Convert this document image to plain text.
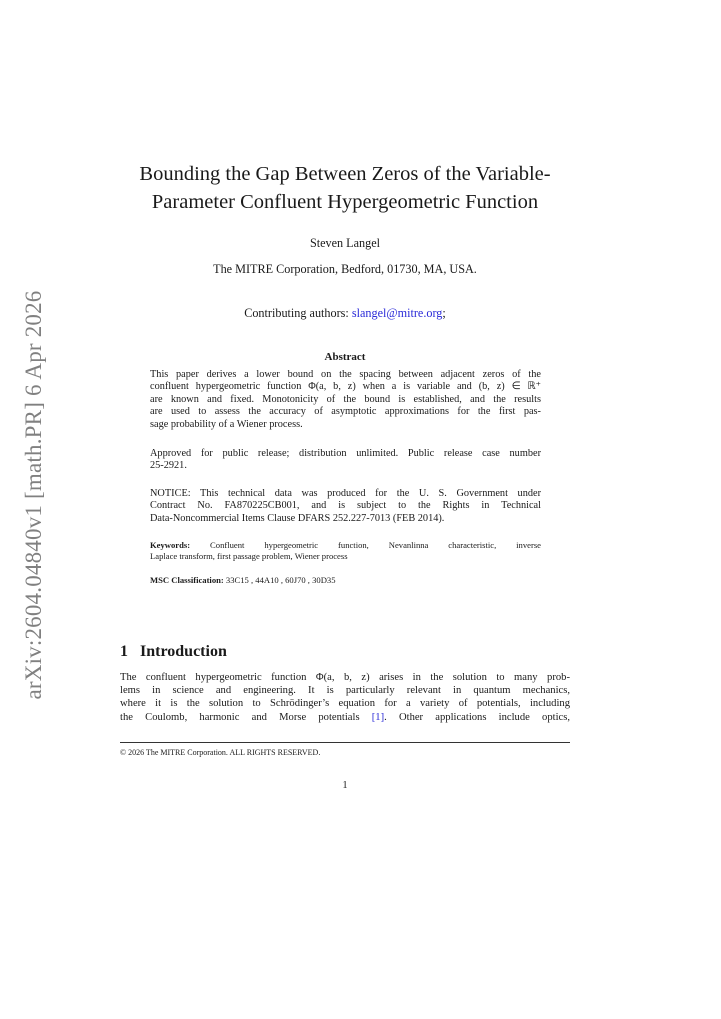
arXiv:2604.04840v1 [math.PR] 6 Apr 2026
Bounding the Gap Between Zeros of the Variable-
Parameter Confluent Hypergeometric Function
Steven Langel
The MITRE Corporation, Bedford, 01730, MA, USA.
Contributing authors: slangel@mitre.org;
Abstract
This paper derives a lower bound on the spacing between adjacent zeros of the
confluent hypergeometric function Φ(a, b, z) when a is variable and (b, z) ∈ ℝ⁺
are known and fixed. Monotonicity of the bound is established, and the results
are used to assess the accuracy of asymptotic approximations for the first pas-
sage probability of a Wiener process.
Approved for public release; distribution unlimited. Public release case number
25-2921.
NOTICE: This technical data was produced for the U. S. Government under
Contract No. FA870225CB001, and is subject to the Rights in Technical
Data-Noncommercial Items Clause DFARS 252.227-7013 (FEB 2014).
Keywords: Confluent hypergeometric function, Nevanlinna characteristic, inverse
Laplace transform, first passage problem, Wiener process
MSC Classification: 33C15 , 44A10 , 60J70 , 30D35
1 Introduction
The confluent hypergeometric function Φ(a, b, z) arises in the solution to many prob-
lems in science and engineering. It is particularly relevant in quantum mechanics,
where it is the solution to Schrödinger’s equation for a variety of potentials, including
the Coulomb, harmonic and Morse potentials [1]. Other applications include optics,
© 2026 The MITRE Corporation. ALL RIGHTS RESERVED.
1
